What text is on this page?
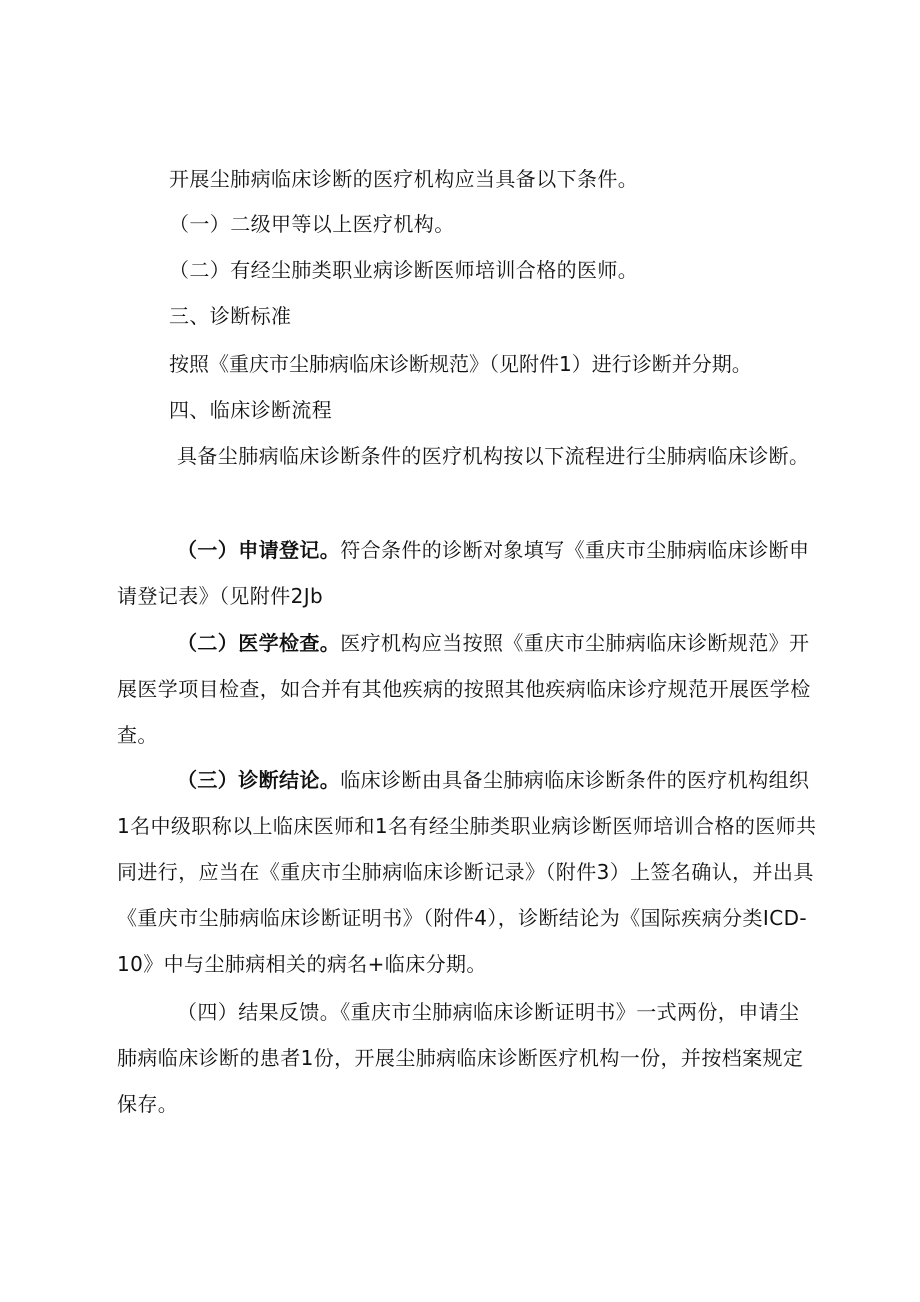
开展尘肺病临床诊断的医疗机构应当具备以下条件。

（一）二级甲等以上医疗机构。

（二）有经尘肺类职业病诊断医师培训合格的医师。

三、诊断标准

按照《重庆市尘肺病临床诊断规范》（见附件1）进行诊断并分期。

四、临床诊断流程

具备尘肺病临床诊断条件的医疗机构按以下流程进行尘肺病临床诊断。

（一）申请登记。符合条件的诊断对象填写《重庆市尘肺病临床诊断申请登记表》（见附件2Jb

（二）医学检查。医疗机构应当按照《重庆市尘肺病临床诊断规范》开展医学项目检查，如合并有其他疾病的按照其他疾病临床诊疗规范开展医学检查。

（三）诊断结论。临床诊断由具备尘肺病临床诊断条件的医疗机构组织1名中级职称以上临床医师和1名有经尘肺类职业病诊断医师培训合格的医师共同进行，应当在《重庆市尘肺病临床诊断记录》（附件3）上签名确认，并出具《重庆市尘肺病临床诊断证明书》（附件4），诊断结论为《国际疾病分类ICD-10》中与尘肺病相关的病名+临床分期。

（四）结果反馈。《重庆市尘肺病临床诊断证明书》一式两份，申请尘肺病临床诊断的患者1份，开展尘肺病临床诊断医疗机构一份，并按档案规定保存。
